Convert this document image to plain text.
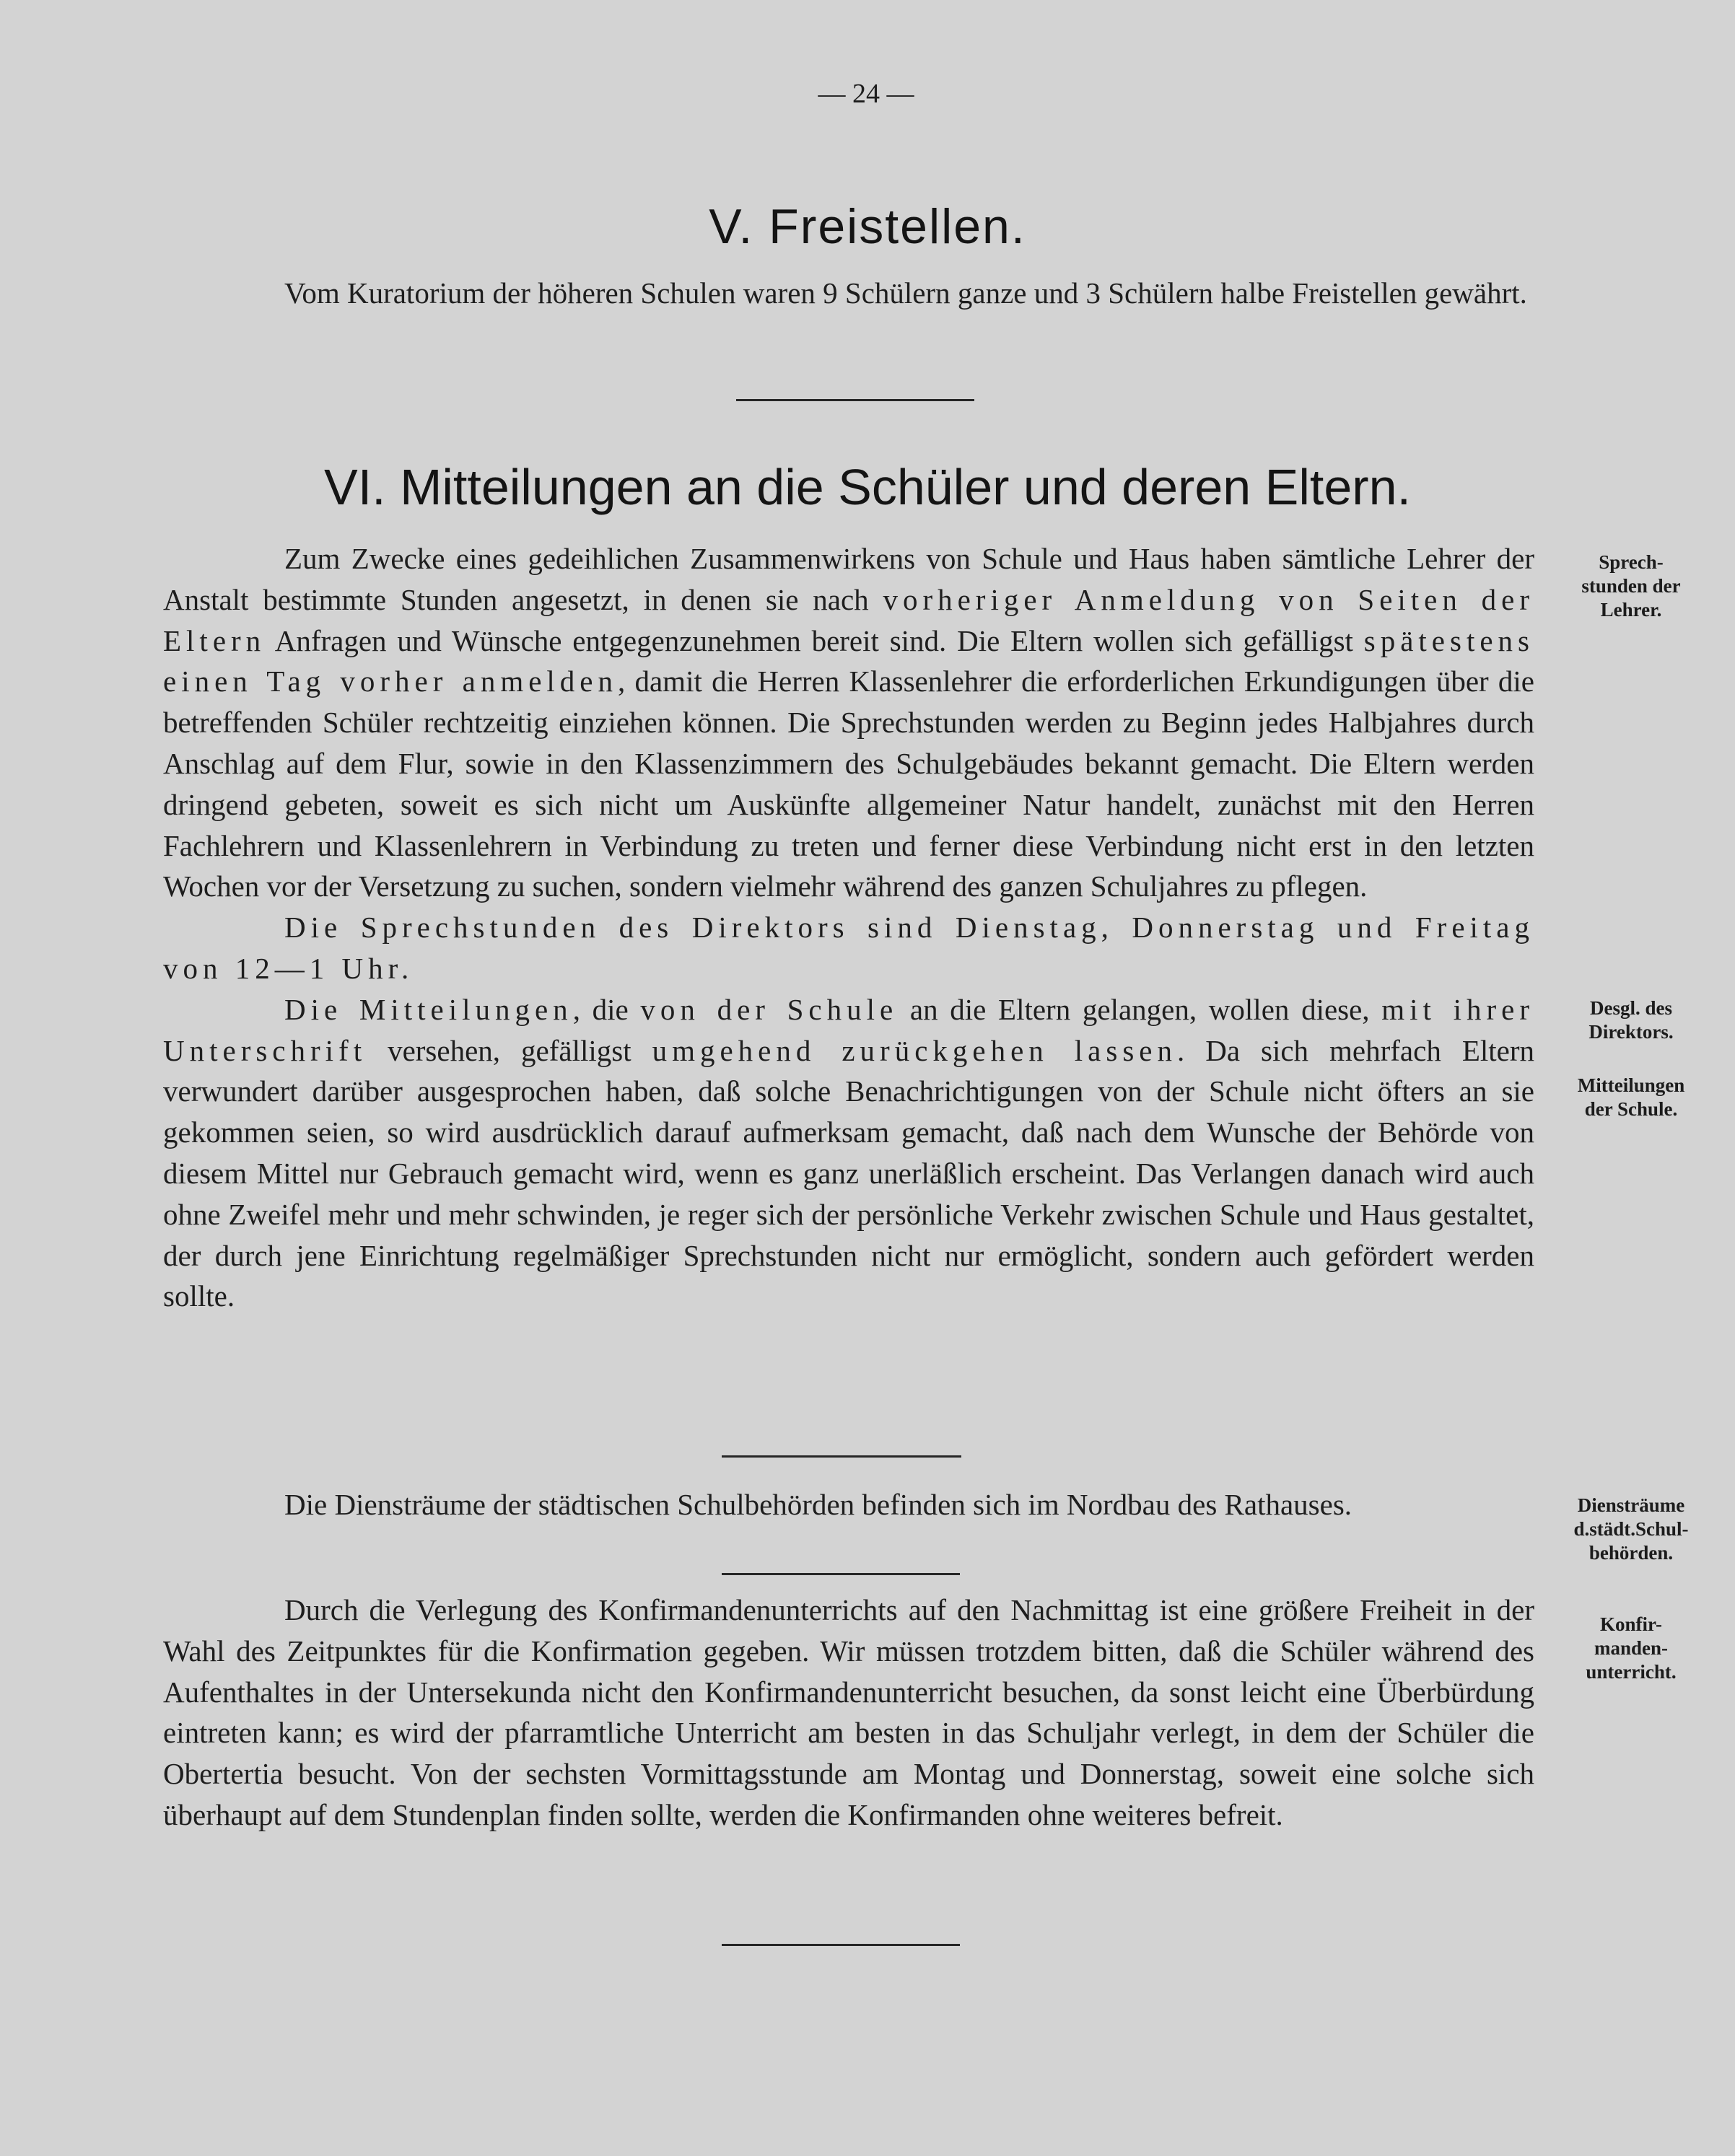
— 24 —
V. Freistellen.

Vom Kuratorium der höheren Schulen waren 9 Schülern ganze und 3 Schülern halbe Freistellen gewährt.

VI. Mitteilungen an die Schüler und deren Eltern.

Zum Zwecke eines gedeihlichen Zusammenwirkens von Schule und Haus haben sämtliche Lehrer der Anstalt bestimmte Stunden angesetzt, in denen sie nach vorheriger Anmeldung von Seiten der Eltern Anfragen und Wünsche entgegenzunehmen bereit sind. Die Eltern wollen sich gefälligst spätestens einen Tag vorher anmelden, damit die Herren Klassenlehrer die erforderlichen Erkundigungen über die betreffenden Schüler rechtzeitig einziehen können. Die Sprechstunden werden zu Beginn jedes Halbjahres durch Anschlag auf dem Flur, sowie in den Klassenzimmern des Schulgebäudes bekannt gemacht. Die Eltern werden dringend gebeten, soweit es sich nicht um Auskünfte allgemeiner Natur handelt, zunächst mit den Herren Fachlehrern und Klassenlehrern in Verbindung zu treten und ferner diese Verbindung nicht erst in den letzten Wochen vor der Versetzung zu suchen, sondern vielmehr während des ganzen Schuljahres zu pflegen.

Die Sprechstunden des Direktors sind Dienstag, Donnerstag und Freitag von 12—1 Uhr.

Die Mitteilungen, die von der Schule an die Eltern gelangen, wollen diese, mit ihrer Unterschrift versehen, gefälligst umgehend zurückgehen lassen. Da sich mehrfach Eltern verwundert darüber ausgesprochen haben, daß solche Benachrichtigungen von der Schule nicht öfters an sie gekommen seien, so wird ausdrücklich darauf aufmerksam gemacht, daß nach dem Wunsche der Behörde von diesem Mittel nur Gebrauch gemacht wird, wenn es ganz unerläßlich erscheint. Das Verlangen danach wird auch ohne Zweifel mehr und mehr schwinden, je reger sich der persönliche Verkehr zwischen Schule und Haus gestaltet, der durch jene Einrichtung regelmäßiger Sprechstunden nicht nur ermöglicht, sondern auch gefördert werden sollte.

Die Diensträume der städtischen Schulbehörden befinden sich im Nordbau des Rathauses.

Durch die Verlegung des Konfirmandenunterrichts auf den Nachmittag ist eine größere Freiheit in der Wahl des Zeitpunktes für die Konfirmation gegeben. Wir müssen trotzdem bitten, daß die Schüler während des Aufenthaltes in der Untersekunda nicht den Konfirmandenunterricht besuchen, da sonst leicht eine Überbürdung eintreten kann; es wird der pfarramtliche Unterricht am besten in das Schuljahr verlegt, in dem der Schüler die Obertertia besucht. Von der sechsten Vormittagsstunde am Montag und Donnerstag, soweit eine solche sich überhaupt auf dem Stundenplan finden sollte, werden die Konfirmanden ohne weiteres befreit.

Sprech-
stunden der
Lehrer.
Desgl. des
Direktors.
Mitteilungen
der Schule.
Diensträume
d.städt.Schul-
behörden.
Konfir-
manden-
unterricht.
